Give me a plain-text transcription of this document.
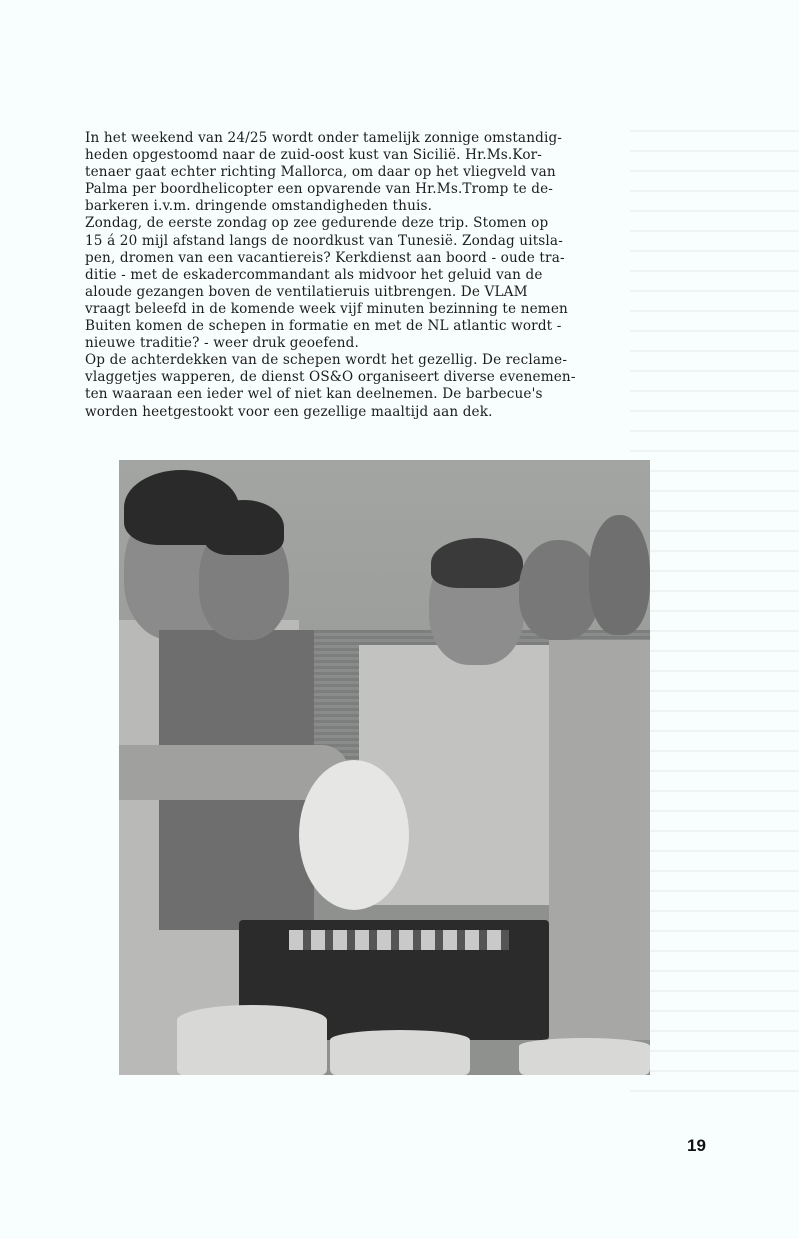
In het weekend van 24/25 wordt onder tamelijk zonnige omstandig-

heden opgestoomd naar de zuid-oost kust van Sicilië. Hr.Ms.Kor-

tenaer gaat echter richting Mallorca, om daar op het vliegveld van

Palma per boordhelicopter een opvarende van Hr.Ms.Tromp te de-

barkeren i.v.m. dringende omstandigheden thuis.

Zondag, de eerste zondag op zee gedurende deze trip. Stomen op

15 á 20 mijl afstand langs de noordkust van Tunesië. Zondag uitsla-

pen, dromen van een vacantiereis? Kerkdienst aan boord - oude tra-

ditie - met de eskadercommandant als midvoor het geluid van de

aloude gezangen boven de ventilatieruis uitbrengen. De VLAM

vraagt beleefd in de komende week vijf minuten bezinning te nemen

Buiten komen de schepen in formatie en met de NL atlantic wordt -

nieuwe traditie? - weer druk geoefend.

Op de achterdekken van de schepen wordt het gezellig. De reclame-

vlaggetjes wapperen, de dienst OS&O organiseert diverse evenemen-

ten waaraan een ieder wel of niet kan deelnemen. De barbecue's

worden heetgestookt voor een gezellige maaltijd aan dek.

19
